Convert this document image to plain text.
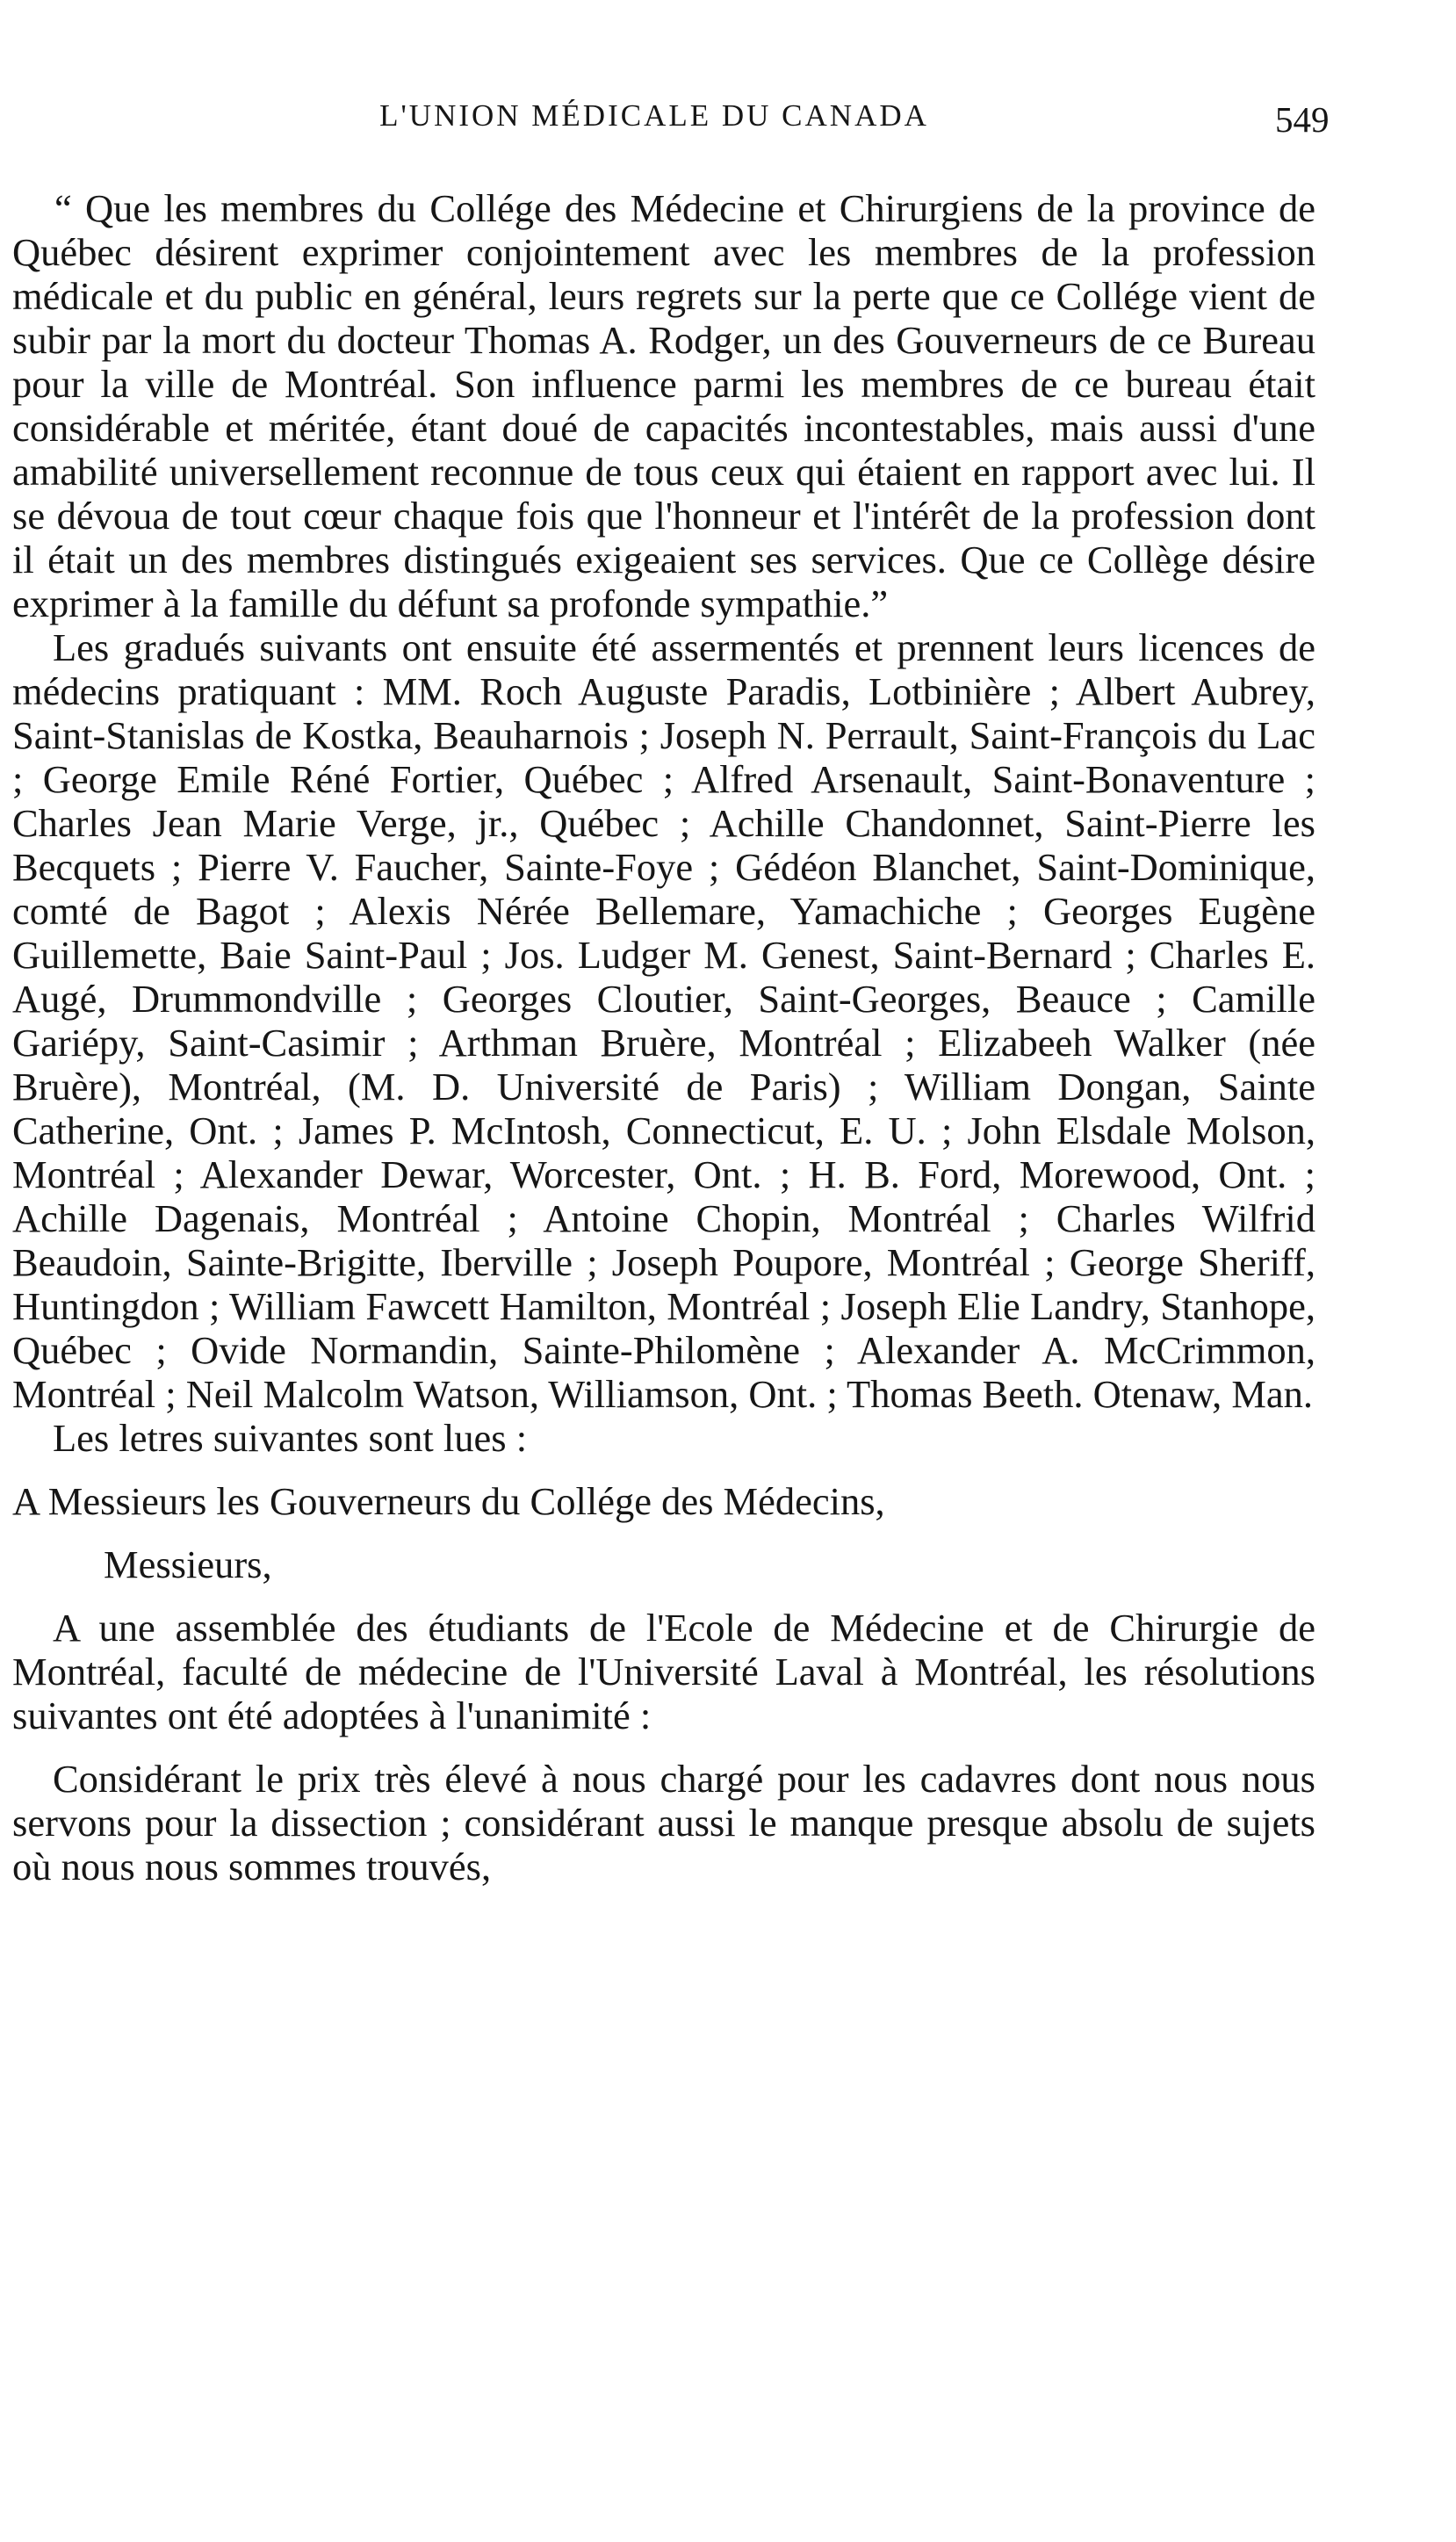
L'UNION MÉDICALE DU CANADA	549

“ Que les membres du Collége des Médecine et Chirurgiens de la province de Québec désirent exprimer conjointement avec les membres de la profession médicale et du public en général, leurs regrets sur la perte que ce Collége vient de subir par la mort du docteur Thomas A. Rodger, un des Gouverneurs de ce Bureau pour la ville de Montréal. Son influence parmi les membres de ce bureau était considérable et méritée, étant doué de capacités incontestables, mais aussi d'une amabilité universellement reconnue de tous ceux qui étaient en rapport avec lui. Il se dévoua de tout cœur chaque fois que l'honneur et l'intérêt de la profession dont il était un des membres distingués exigeaient ses services. Que ce Collège désire exprimer à la famille du défunt sa profonde sympathie.”

Les gradués suivants ont ensuite été assermentés et prennent leurs licences de médecins pratiquant : MM. Roch Auguste Paradis, Lotbinière ; Albert Aubrey, Saint-Stanislas de Kostka, Beauharnois ; Joseph N. Perrault, Saint-François du Lac ; George Emile Réné Fortier, Québec ; Alfred Arsenault, Saint-Bonaventure ; Charles Jean Marie Verge, jr., Québec ; Achille Chandonnet, Saint-Pierre les Becquets ; Pierre V. Faucher, Sainte-Foye ; Gédéon Blanchet, Saint-Dominique, comté de Bagot ; Alexis Nérée Bellemare, Yamachiche ; Georges Eugène Guillemette, Baie Saint-Paul ; Jos. Ludger M. Genest, Saint-Bernard ; Charles E. Augé, Drummondville ; Georges Cloutier, Saint-Georges, Beauce ; Camille Gariépy, Saint-Casimir ; Arthman Bruère, Montréal ; Elizabeeh Walker (née Bruère), Montréal, (M. D. Université de Paris) ; William Dongan, Sainte Catherine, Ont. ; James P. McIntosh, Connecticut, E. U. ; John Elsdale Molson, Montréal ; Alexander Dewar, Worcester, Ont. ; H. B. Ford, Morewood, Ont. ; Achille Dagenais, Montréal ; Antoine Chopin, Montréal ; Charles Wilfrid Beaudoin, Sainte-Brigitte, Iberville ; Joseph Poupore, Montréal ; George Sheriff, Huntingdon ; William Fawcett Hamilton, Montréal ; Joseph Elie Landry, Stanhope, Québec ; Ovide Normandin, Sainte-Philomène ; Alexander A. McCrimmon, Montréal ; Neil Malcolm Watson, Williamson, Ont. ; Thomas Beeth. Otenaw, Man.

Les letres suivantes sont lues :

A Messieurs les Gouverneurs du Collége des Médecins,

Messieurs,

A une assemblée des étudiants de l'Ecole de Médecine et de Chirurgie de Montréal, faculté de médecine de l'Université Laval à Montréal, les résolutions suivantes ont été adoptées à l'unanimité :

Considérant le prix très élevé à nous chargé pour les cadavres dont nous nous servons pour la dissection ; considérant aussi le manque presque absolu de sujets où nous nous sommes trouvés,
